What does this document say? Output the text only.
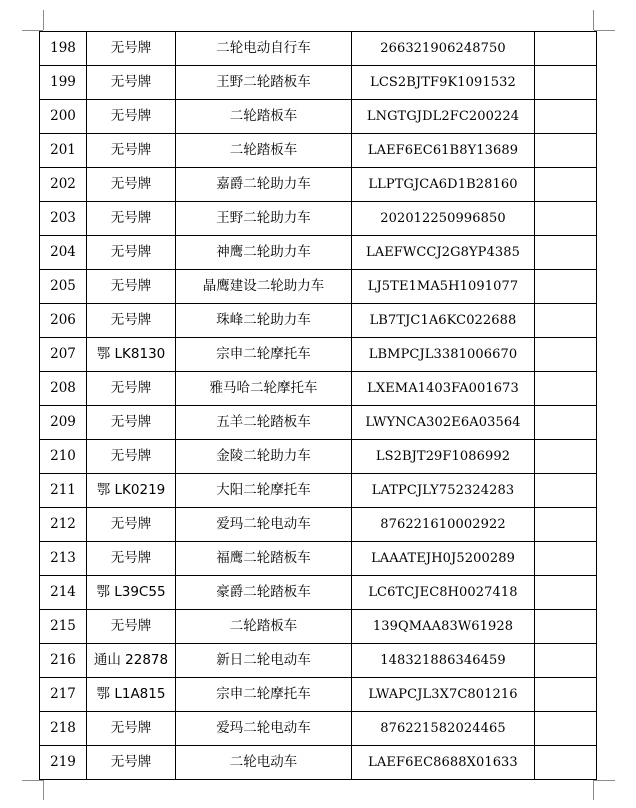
198	无号牌	二轮电动自行车	266321906248750	
199	无号牌	王野二轮踏板车	LCS2BJTF9K1091532	
200	无号牌	二轮踏板车	LNGTGJDL2FC200224	
201	无号牌	二轮踏板车	LAEF6EC61B8Y13689	
202	无号牌	嘉爵二轮助力车	LLPTGJCA6D1B28160	
203	无号牌	王野二轮助力车	202012250996850	
204	无号牌	神鹰二轮助力车	LAEFWCCJ2G8YP4385	
205	无号牌	晶鹰建设二轮助力车	LJ5TE1MA5H1091077	
206	无号牌	珠峰二轮助力车	LB7TJC1A6KC022688	
207	鄂 LK8130	宗申二轮摩托车	LBMPCJL3381006670	
208	无号牌	雅马哈二轮摩托车	LXEMA1403FA001673	
209	无号牌	五羊二轮踏板车	LWYNCA302E6A03564	
210	无号牌	金陵二轮助力车	LS2BJT29F1086992	
211	鄂 LK0219	大阳二轮摩托车	LATPCJLY752324283	
212	无号牌	爱玛二轮电动车	876221610002922	
213	无号牌	福鹰二轮踏板车	LAAATEJH0J5200289	
214	鄂 L39C55	豪爵二轮踏板车	LC6TCJEC8H0027418	
215	无号牌	二轮踏板车	139QMAA83W61928	
216	通山 22878	新日二轮电动车	148321886346459	
217	鄂 L1A815	宗申二轮摩托车	LWAPCJL3X7C801216	
218	无号牌	爱玛二轮电动车	876221582024465	
219	无号牌	二轮电动车	LAEF6EC8688X01633	
